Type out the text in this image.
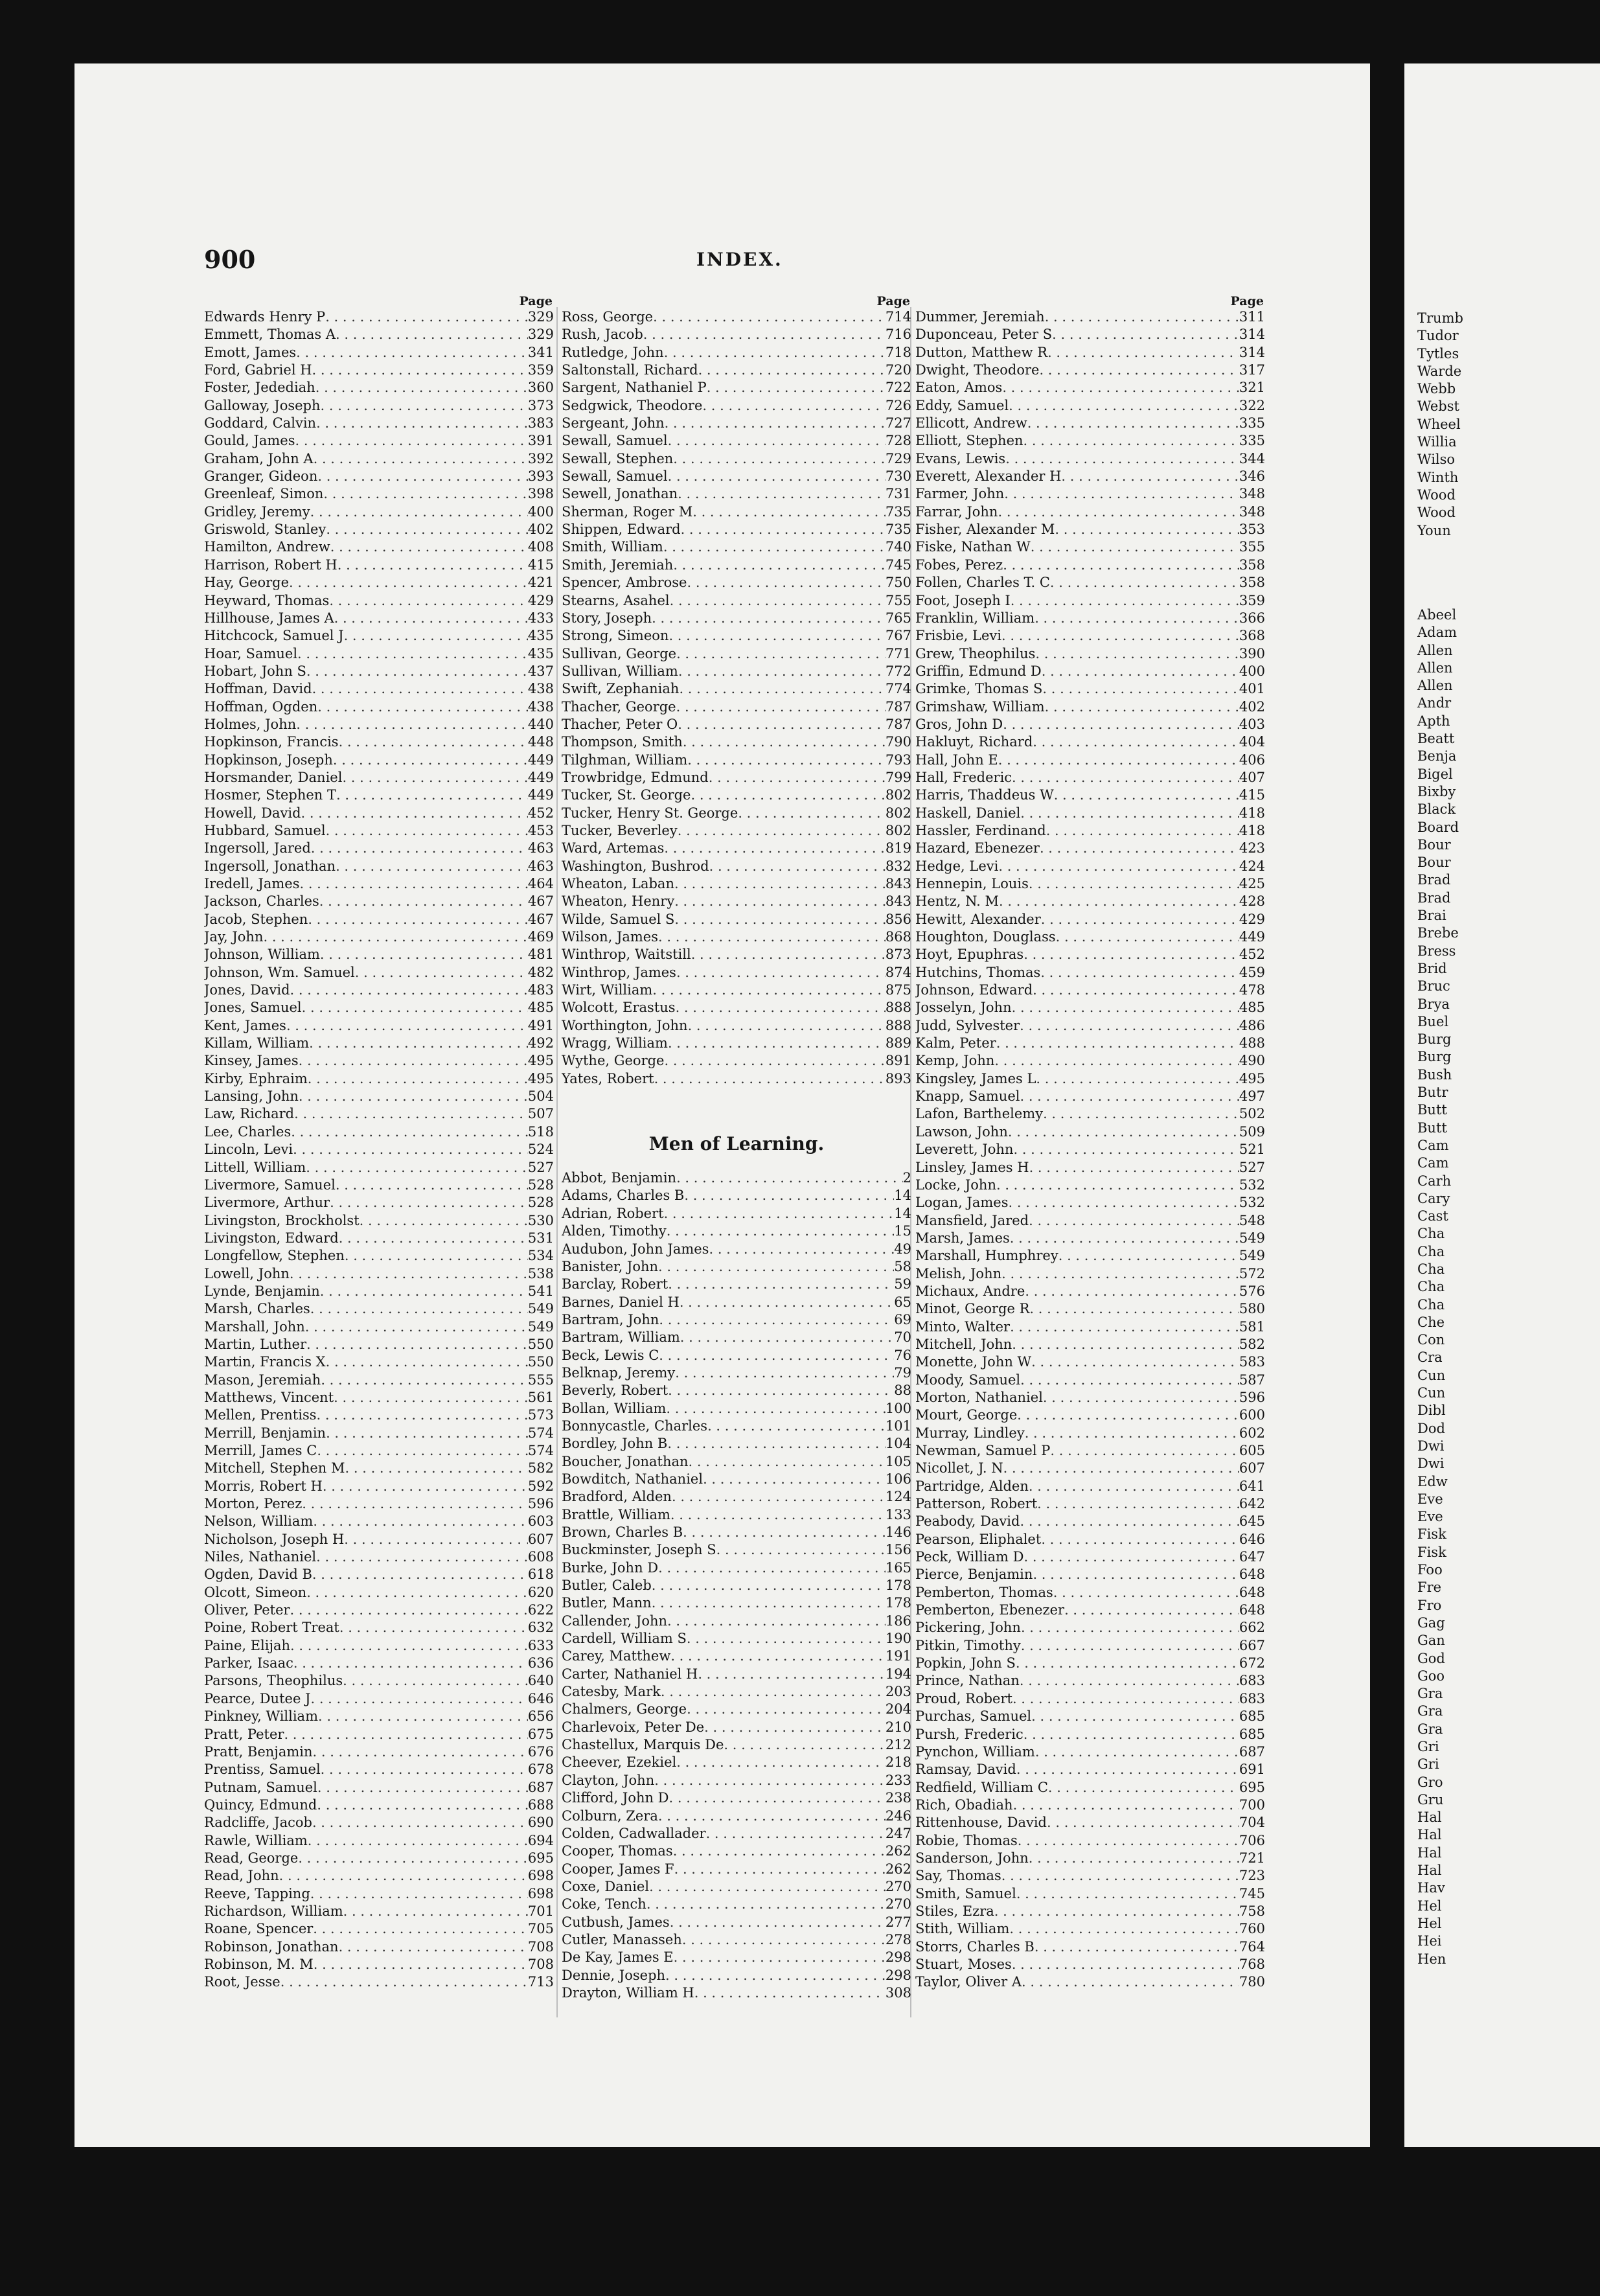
900	INDEX.
Page
Edwards Henry P . . .	329
Emmett, Thomas A . . .	329
Emott, James . . .	341
Ford, Gabriel H . . .	359
Foster, Jedediah . . .	360
Galloway, Joseph . . .	373
Goddard, Calvin . . .	383
Gould, James . . .	391
Graham, John A . . .	392
Granger, Gideon . . .	393
Greenleaf, Simon . . .	398
Gridley, Jeremy . . .	400
Griswold, Stanley . . .	402
Hamilton, Andrew . . .	408
Harrison, Robert H . . .	415
Hay, George . . .	421
Heyward, Thomas . . .	429
Hillhouse, James A . . .	433
Hitchcock, Samuel J . . .	435
Hoar, Samuel . . .	435
Hobart, John S . . .	437
Hoffman, David . . .	438
Hoffman, Ogden . . .	438
Holmes, John . . .	440
Hopkinson, Francis . . .	448
Hopkinson, Joseph . . .	449
Horsmander, Daniel . . .	449
Hosmer, Stephen T . . .	449
Howell, David . . .	452
Hubbard, Samuel . . .	453
Ingersoll, Jared . . .	463
Ingersoll, Jonathan . . .	463
Iredell, James . . .	464
Jackson, Charles . . .	467
Jacob, Stephen . . .	467
Jay, John . . .	469
Johnson, William . . .	481
Johnson, Wm. Samuel . . .	482
Jones, David . . .	483
Jones, Samuel . . .	485
Kent, James . . .	491
Killam, William . . .	492
Kinsey, James . . .	495
Kirby, Ephraim . . .	495
Lansing, John . . .	504
Law, Richard . . .	507
Lee, Charles . . .	518
Lincoln, Levi . . .	524
Littell, William . . .	527
Livermore, Samuel . . .	528
Livermore, Arthur . . .	528
Livingston, Brockholst . . .	530
Livingston, Edward . . .	531
Longfellow, Stephen . . .	534
Lowell, John . . .	538
Lynde, Benjamin . . .	541
Marsh, Charles . . .	549
Marshall, John . . .	549
Martin, Luther . . .	550
Martin, Francis X . . .	550
Mason, Jeremiah . . .	555
Matthews, Vincent . . .	561
Mellen, Prentiss . . .	573
Merrill, Benjamin . . .	574
Merrill, James C . . .	574
Mitchell, Stephen M . . .	582
Morris, Robert H . . .	592
Morton, Perez . . .	596
Nelson, William . . .	603
Nicholson, Joseph H . . .	607
Niles, Nathaniel . . .	608
Ogden, David B . . .	618
Olcott, Simeon . . .	620
Oliver, Peter . . .	622
Poine, Robert Treat . . .	632
Paine, Elijah . . .	633
Parker, Isaac . . .	636
Parsons, Theophilus . . .	640
Pearce, Dutee J . . .	646
Pinkney, William . . .	656
Pratt, Peter . . .	675
Pratt, Benjamin . . .	676
Prentiss, Samuel . . .	678
Putnam, Samuel . . .	687
Quincy, Edmund . . .	688
Radcliffe, Jacob . . .	690
Rawle, William . . .	694
Read, George . . .	695
Read, John . . .	698
Reeve, Tapping . . .	698
Richardson, William . . .	701
Roane, Spencer . . .	705
Robinson, Jonathan . . .	708
Robinson, M. M . . .	708
Root, Jesse . . .	713
Page
Ross, George . . .	714
Rush, Jacob . . .	716
Rutledge, John . . .	718
Saltonstall, Richard . . .	720
Sargent, Nathaniel P . . .	722
Sedgwick, Theodore . . .	726
Sergeant, John . . .	727
Sewall, Samuel . . .	728
Sewall, Stephen . . .	729
Sewall, Samuel . . .	730
Sewell, Jonathan . . .	731
Sherman, Roger M . . .	735
Shippen, Edward . . .	735
Smith, William . . .	740
Smith, Jeremiah . . .	745
Spencer, Ambrose . . .	750
Stearns, Asahel . . .	755
Story, Joseph . . .	765
Strong, Simeon . . .	767
Sullivan, George . . .	771
Sullivan, William . . .	772
Swift, Zephaniah . . .	774
Thacher, George . . .	787
Thacher, Peter O . . .	787
Thompson, Smith . . .	790
Tilghman, William . . .	793
Trowbridge, Edmund . . .	799
Tucker, St. George . . .	802
Tucker, Henry St. George . . .	802
Tucker, Beverley . . .	802
Ward, Artemas . . .	819
Washington, Bushrod . . .	832
Wheaton, Laban . . .	843
Wheaton, Henry . . .	843
Wilde, Samuel S . . .	856
Wilson, James . . .	868
Winthrop, Waitstill . . .	873
Winthrop, James . . .	874
Wirt, William . . .	875
Wolcott, Erastus . . .	888
Worthington, John . . .	888
Wragg, William . . .	889
Wythe, George . . .	891
Yates, Robert . . .	893
Men of Learning.
Abbot, Benjamin . . .	2
Adams, Charles B . . .	14
Adrian, Robert . . .	14
Alden, Timothy . . .	15
Audubon, John James . . .	49
Banister, John . . .	58
Barclay, Robert . . .	59
Barnes, Daniel H . . .	65
Bartram, John . . .	69
Bartram, William . . .	70
Beck, Lewis C . . .	76
Belknap, Jeremy . . .	79
Beverly, Robert . . .	88
Bollan, William . . .	100
Bonnycastle, Charles . . .	101
Bordley, John B . . .	104
Boucher, Jonathan . . .	105
Bowditch, Nathaniel . . .	106
Bradford, Alden . . .	124
Brattle, William . . .	133
Brown, Charles B . . .	146
Buckminster, Joseph S . . .	156
Burke, John D . . .	165
Butler, Caleb . . .	178
Butler, Mann . . .	178
Callender, John . . .	186
Cardell, William S . . .	190
Carey, Matthew . . .	191
Carter, Nathaniel H . . .	194
Catesby, Mark . . .	203
Chalmers, George . . .	204
Charlevoix, Peter De . . .	210
Chastellux, Marquis De . . .	212
Cheever, Ezekiel . . .	218
Clayton, John . . .	233
Clifford, John D . . .	238
Colburn, Zera . . .	246
Colden, Cadwallader . . .	247
Cooper, Thomas . . .	262
Cooper, James F . . .	262
Coxe, Daniel . . .	270
Coke, Tench . . .	270
Cutbush, James . . .	277
Cutler, Manasseh . . .	278
De Kay, James E . . .	298
Dennie, Joseph . . .	298
Drayton, William H . . .	308
Page
Dummer, Jeremiah . . .	311
Duponceau, Peter S . . .	314
Dutton, Matthew R . . .	314
Dwight, Theodore . . .	317
Eaton, Amos . . .	321
Eddy, Samuel . . .	322
Ellicott, Andrew . . .	335
Elliott, Stephen . . .	335
Evans, Lewis . . .	344
Everett, Alexander H . . .	346
Farmer, John . . .	348
Farrar, John . . .	348
Fisher, Alexander M . . .	353
Fiske, Nathan W . . .	355
Fobes, Perez . . .	358
Follen, Charles T. C . . .	358
Foot, Joseph I . . .	359
Franklin, William . . .	366
Frisbie, Levi . . .	368
Grew, Theophilus . . .	390
Griffin, Edmund D . . .	400
Grimke, Thomas S . . .	401
Grimshaw, William . . .	402
Gros, John D . . .	403
Hakluyt, Richard . . .	404
Hall, John E . . .	406
Hall, Frederic . . .	407
Harris, Thaddeus W . . .	415
Haskell, Daniel . . .	418
Hassler, Ferdinand . . .	418
Hazard, Ebenezer . . .	423
Hedge, Levi . . .	424
Hennepin, Louis . . .	425
Hentz, N. M . . .	428
Hewitt, Alexander . . .	429
Houghton, Douglass . . .	449
Hoyt, Epuphras . . .	452
Hutchins, Thomas . . .	459
Johnson, Edward . . .	478
Josselyn, John . . .	485
Judd, Sylvester . . .	486
Kalm, Peter . . .	488
Kemp, John . . .	490
Kingsley, James L . . .	495
Knapp, Samuel . . .	497
Lafon, Barthelemy . . .	502
Lawson, John . . .	509
Leverett, John . . .	521
Linsley, James H . . .	527
Locke, John . . .	532
Logan, James . . .	532
Mansfield, Jared . . .	548
Marsh, James . . .	549
Marshall, Humphrey . . .	549
Melish, John . . .	572
Michaux, Andre . . .	576
Minot, George R . . .	580
Minto, Walter . . .	581
Mitchell, John . . .	582
Monette, John W . . .	583
Moody, Samuel . . .	587
Morton, Nathaniel . . .	596
Mourt, George . . .	600
Murray, Lindley . . .	602
Newman, Samuel P . . .	605
Nicollet, J. N . . .	607
Partridge, Alden . . .	641
Patterson, Robert . . .	642
Peabody, David . . .	645
Pearson, Eliphalet . . .	646
Peck, William D . . .	647
Pierce, Benjamin . . .	648
Pemberton, Thomas . . .	648
Pemberton, Ebenezer . . .	648
Pickering, John . . .	662
Pitkin, Timothy . . .	667
Popkin, John S . . .	672
Prince, Nathan . . .	683
Proud, Robert . . .	683
Purchas, Samuel . . .	685
Pursh, Frederic . . .	685
Pynchon, William . . .	687
Ramsay, David . . .	691
Redfield, William C . . .	695
Rich, Obadiah . . .	700
Rittenhouse, David . . .	704
Robie, Thomas . . .	706
Sanderson, John . . .	721
Say, Thomas . . .	723
Smith, Samuel . . .	745
Stiles, Ezra . . .	758
Stith, William . . .	760
Storrs, Charles B . . .	764
Stuart, Moses . . .	768
Taylor, Oliver A . . .	780
Trumb
Tudor
Tytles
Warde
Webb
Webst
Wheel
Willia
Wilso
Winth
Wood
Wood
Youn
Abeel
Adam
Allen
Allen
Allen
Andr
Apth
Beatt
Benja
Bigel
Bixby
Black
Board
Bour
Bour
Brad
Brad
Brai
Brebe
Bress
Brid
Bruc
Brya
Buel
Burg
Burg
Bush
Butr
Butt
Butt
Cam
Cam
Carh
Cary
Cast
Cha
Cha
Cha
Cha
Cha
Che
Con
Cra
Cun
Cun
Dibl
Dod
Dwi
Dwi
Edw
Eve
Eve
Fisk
Fisk
Foo
Fre
Fro
Gag
Gan
God
Goo
Gra
Gra
Gra
Gri
Gri
Gro
Gru
Hal
Hal
Hal
Hal
Hav
Hel
Hel
Hei
Hen
